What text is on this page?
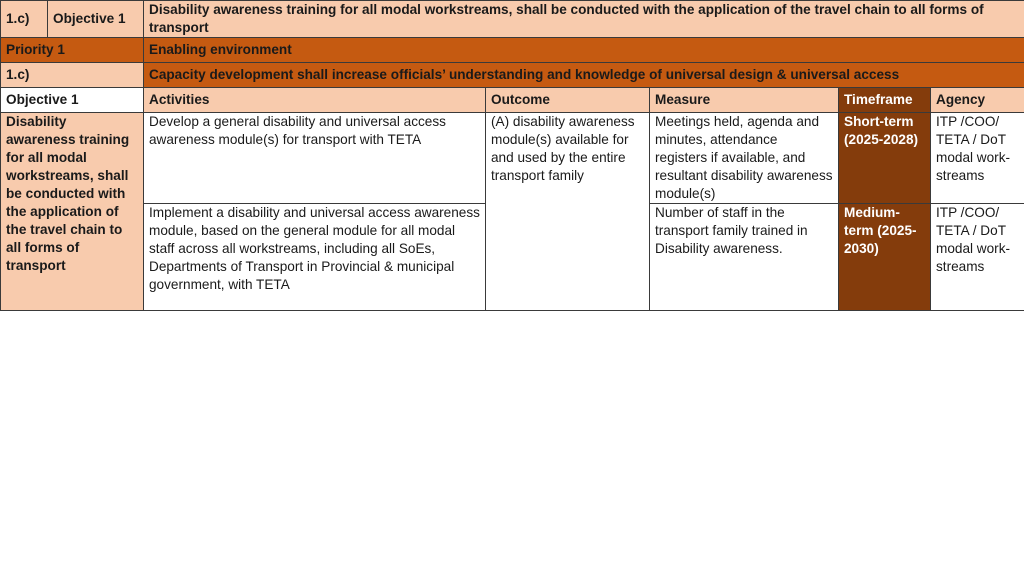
1.c)	Objective 1	Disability awareness training for all modal workstreams, shall be conducted with the application of the travel chain to all forms of transport				
Priority 1		Enabling environment				
1.c)		Capacity development shall increase officials’ understanding and knowledge of universal design & universal access				
Objective 1		Activities	Outcome	Measure	Timeframe	Agency
Disability awareness training for all modal workstreams, shall be conducted with the application of the travel chain to all forms of transport		Develop a general disability and universal access awareness module(s) for transport with TETA	(A) disability awareness module(s) available for and used by the entire transport family	Meetings held, agenda and minutes, attendance registers if available, and resultant disability awareness module(s)	Short-term (2025-2028)	ITP /COO/ TETA / DoT modal work-streams
		Implement a disability and universal access awareness module, based on the general module for all modal staff across all workstreams, including all SoEs, Departments of Transport in Provincial & municipal government, with TETA		Number of staff in the transport family trained in Disability awareness.	Medium-term (2025-2030)	ITP /COO/ TETA / DoT modal work-streams
